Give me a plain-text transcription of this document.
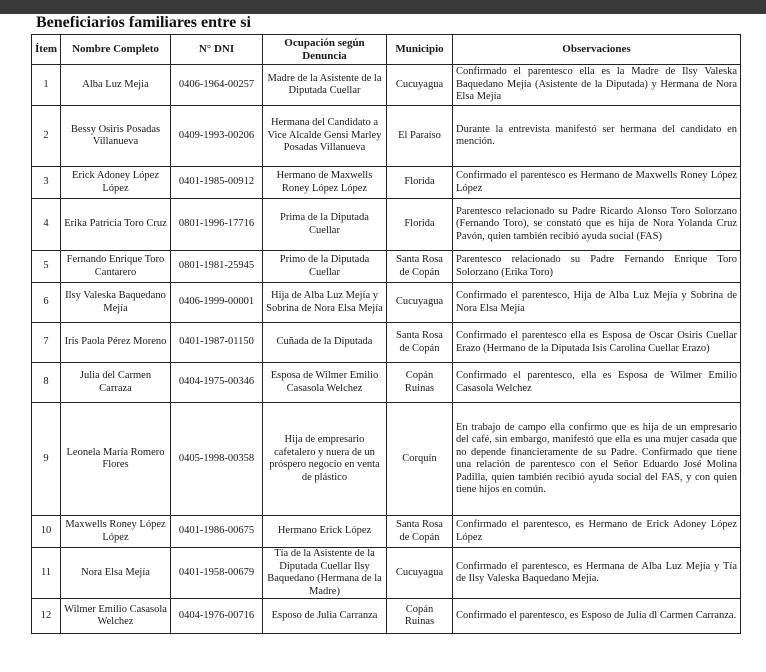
Beneficiarios familiares entre si
Ítem	Nombre Completo	N° DNI	Ocupación según Denuncia	Municipio	Observaciones
1	Alba Luz Mejia	0406-1964-00257	Madre de la Asistente de la Diputada Cuellar	Cucuyagua	Confirmado el parentesco ella es la Madre de Ilsy Valeska Baquedano Mejía (Asistente de la Diputada) y Hermana de Nora Elsa Mejía
2	Bessy Osiris Posadas Villanueva	0409-1993-00206	Hermana del Candidato a Vice Alcalde Gensi Marley Posadas Villanueva	El Paraíso	Durante la entrevista manifestó ser hermana del candidato en mención.
3	Erick Adoney López López	0401-1985-00912	Hermano de Maxwells Roney López López	Florida	Confirmado el parentesco es Hermano de Maxwells Roney López López
4	Erika Patricia Toro Cruz	0801-1996-17716	Prima de la Diputada Cuellar	Florida	Parentesco relacionado su Padre Ricardo Alonso Toro Solorzano (Fernando Toro), se constató que es hija de Nora Yolanda Cruz Pavón, quien también recibió ayuda social (FAS)
5	Fernando Enrique Toro Cantarero	0801-1981-25945	Primo de la Diputada Cuellar	Santa Rosa de Copán	Parentesco relacionado su Padre Fernando Enrique Toro Solorzano (Erika Toro)
6	Ilsy Valeska Baquedano Mejía	0406-1999-00001	Hija de Alba Luz Mejía y Sobrina de Nora Elsa Mejía	Cucuyagua	Confirmado el parentesco, Hija de Alba Luz Mejía y Sobrina de Nora Elsa Mejía
7	Iris Paola Pérez Moreno	0401-1987-01150	Cuñada de la Diputada	Santa Rosa de Copán	Confirmado el parentesco ella es Esposa de Oscar Osiris Cuellar Erazo (Hermano de la Diputada Isis Carolina Cuellar Erazo)
8	Julia del Carmen Carraza	0404-1975-00346	Esposa de Wilmer Emilio Casasola Welchez	Copán Ruinas	Confirmado el parentesco, ella es Esposa de Wilmer Emilio Casasola Welchez
9	Leonela María Romero Flores	0405-1998-00358	Hija de empresario cafetalero y nuera de un próspero negocio en venta de plástico	Corquín	En trabajo de campo ella confirmo que es hija de un empresario del café, sin embargo, manifestó que ella es una mujer casada que no depende financieramente de su Padre. Confirmado que tiene una relación de parentesco con el Señor Eduardo José Molina Padilla, quien también recibió ayuda social del FAS, y con quien tiene hijos en común.
10	Maxwells Roney López López	0401-1986-00675	Hermano Erick López	Santa Rosa de Copán	Confirmado el parentesco, es Hermano de Erick Adoney López López
11	Nora Elsa Mejía	0401-1958-00679	Tía de la Asistente de la Diputada Cuellar Ilsy Baquedano (Hermana de la Madre)	Cucuyagua	Confirmado el parentesco, es Hermana de Alba Luz Mejía y Tía de Ilsy Valeska Baquedano Mejía.
12	Wilmer Emilio Casasola Welchez	0404-1976-00716	Esposo de Julia Carranza	Copán Ruinas	Confirmado el parentesco, es Esposo de Julia dl Carmen Carranza.
